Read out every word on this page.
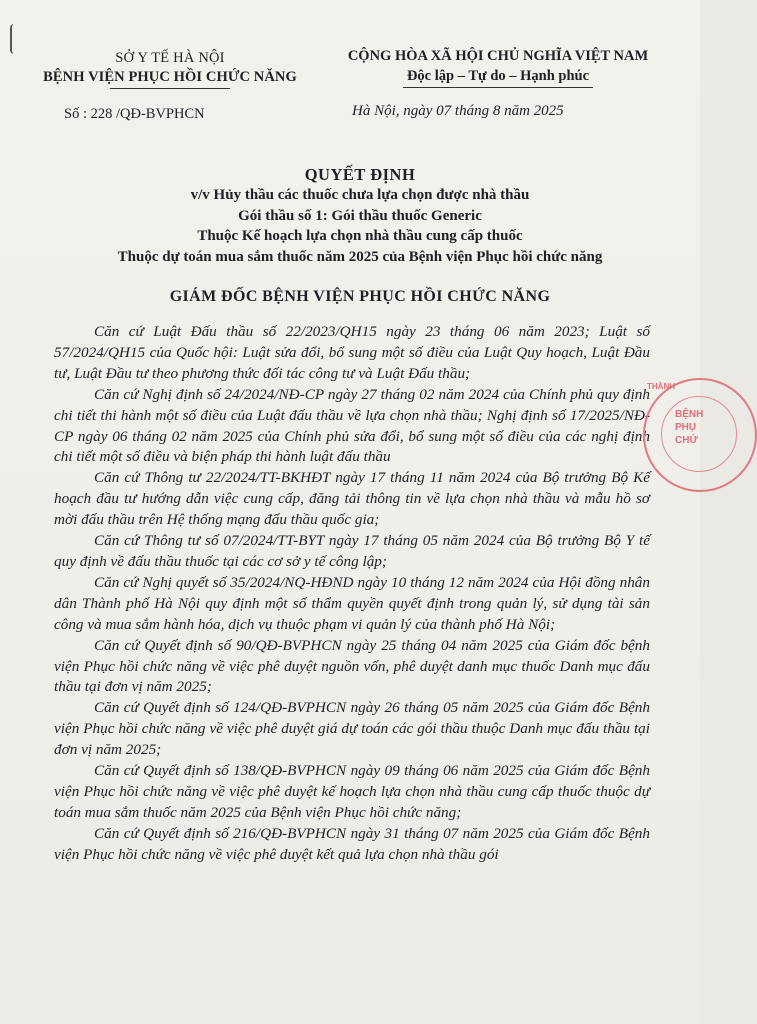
SỞ Y TẾ HÀ NỘI
BỆNH VIỆN PHỤC HỒI CHỨC NĂNG
CỘNG HÒA XÃ HỘI CHỦ NGHĨA VIỆT NAM
Độc lập – Tự do – Hạnh phúc
Số : 228 /QĐ-BVPHCN	Hà Nội, ngày 07 tháng 8 năm 2025
QUYẾT ĐỊNH
v/v Hủy thầu các thuốc chưa lựa chọn được nhà thầu
Gói thầu số 1: Gói thầu thuốc Generic
Thuộc Kế hoạch lựa chọn nhà thầu cung cấp thuốc
Thuộc dự toán mua sắm thuốc năm 2025 của Bệnh viện Phục hồi chức năng
GIÁM ĐỐC BỆNH VIỆN PHỤC HỒI CHỨC NĂNG

Căn cứ Luật Đấu thầu số 22/2023/QH15 ngày 23 tháng 06 năm 2023; Luật số 57/2024/QH15 của Quốc hội: Luật sửa đổi, bổ sung một số điều của Luật Quy hoạch, Luật Đầu tư, Luật Đầu tư theo phương thức đối tác công tư và Luật Đấu thầu;

Căn cứ Nghị định số 24/2024/NĐ-CP ngày 27 tháng 02 năm 2024 của Chính phủ quy định chi tiết thi hành một số điều của Luật đấu thầu về lựa chọn nhà thầu; Nghị định số 17/2025/NĐ-CP ngày 06 tháng 02 năm 2025 của Chính phủ sửa đổi, bổ sung một số điều của các nghị định chi tiết một số điều và biện pháp thi hành luật đấu thầu

Căn cứ Thông tư 22/2024/TT-BKHĐT ngày 17 tháng 11 năm 2024 của Bộ trưởng Bộ Kế hoạch đầu tư hướng dẫn việc cung cấp, đăng tải thông tin về lựa chọn nhà thầu và mẫu hồ sơ mời đấu thầu trên Hệ thống mạng đấu thầu quốc gia;

Căn cứ Thông tư số 07/2024/TT-BYT ngày 17 tháng 05 năm 2024 của Bộ trưởng Bộ Y tế quy định về đấu thầu thuốc tại các cơ sở y tế công lập;

Căn cứ Nghị quyết số 35/2024/NQ-HĐND ngày 10 tháng 12 năm 2024 của Hội đồng nhân dân Thành phố Hà Nội quy định một số thẩm quyền quyết định trong quản lý, sử dụng tài sản công và mua sắm hành hóa, dịch vụ thuộc phạm vi quản lý của thành phố Hà Nội;

Căn cứ Quyết định số 90/QĐ-BVPHCN ngày 25 tháng 04 năm 2025 của Giám đốc bệnh viện Phục hồi chức năng về việc phê duyệt nguồn vốn, phê duyệt danh mục thuốc Danh mục đấu thầu tại đơn vị năm 2025;

Căn cứ Quyết định số 124/QĐ-BVPHCN ngày 26 tháng 05 năm 2025 của Giám đốc Bệnh viện Phục hồi chức năng về việc phê duyệt giá dự toán các gói thầu thuộc Danh mục đấu thầu tại đơn vị năm 2025;

Căn cứ Quyết định số 138/QĐ-BVPHCN ngày 09 tháng 06 năm 2025 của Giám đốc Bệnh viện Phục hồi chức năng về việc phê duyệt kế hoạch lựa chọn nhà thầu cung cấp thuốc thuộc dự toán mua sắm thuốc năm 2025 của Bệnh viện Phục hồi chức năng;

Căn cứ Quyết định số 216/QĐ-BVPHCN ngày 31 tháng 07 năm 2025 của Giám đốc Bệnh viện Phục hồi chức năng về việc phê duyệt kết quả lựa chọn nhà thầu gói

THÀNH
BỆNH
PHỤ
CHỨ
